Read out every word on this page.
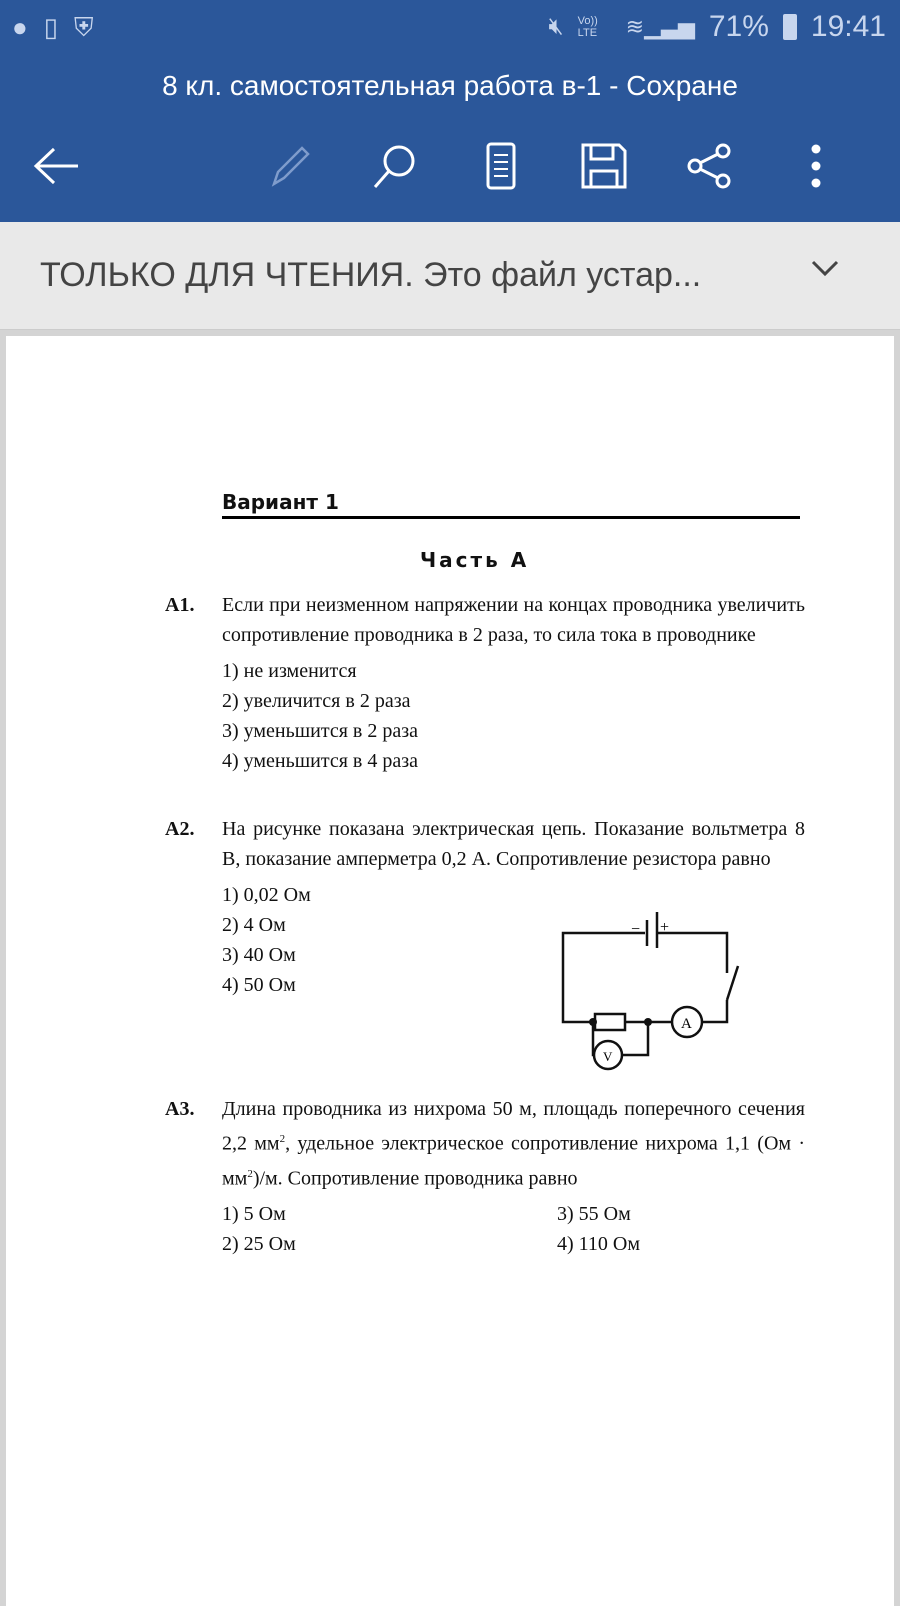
● ▯ ⛨	🔇︎ Vo)) LTE	≋▁▃▅ 71% 19:41
8 кл. самостоятельная работа в-1 - Сохране
ТОЛЬКО ДЛЯ ЧТЕНИЯ. Это файл устар...
Вариант 1
Часть А
А1. Если при неизменном напряжении на концах проводника увеличить сопротивление проводника в 2 раза, то сила тока в проводнике
1) не изменится
2) увеличится в 2 раза
3) уменьшится в 2 раза
4) уменьшится в 4 раза
А2. На рисунке показана электрическая цепь. Показание вольтметра 8 В, показание амперметра 0,2 А. Сопротивление резистора равно
1) 0,02 Ом
2) 4 Ом
3) 40 Ом
4) 50 Ом
− +
A
V
А3. Длина проводника из нихрома 50 м, площадь поперечного сечения 2,2 $мм^2$, удельное электрическое сопротивление нихрома 1,1 $(Ом \cdot мм^2)/м$. Сопротивление проводника равно
1) 5 Ом	3) 55 Ом
2) 25 Ом	4) 110 Ом
